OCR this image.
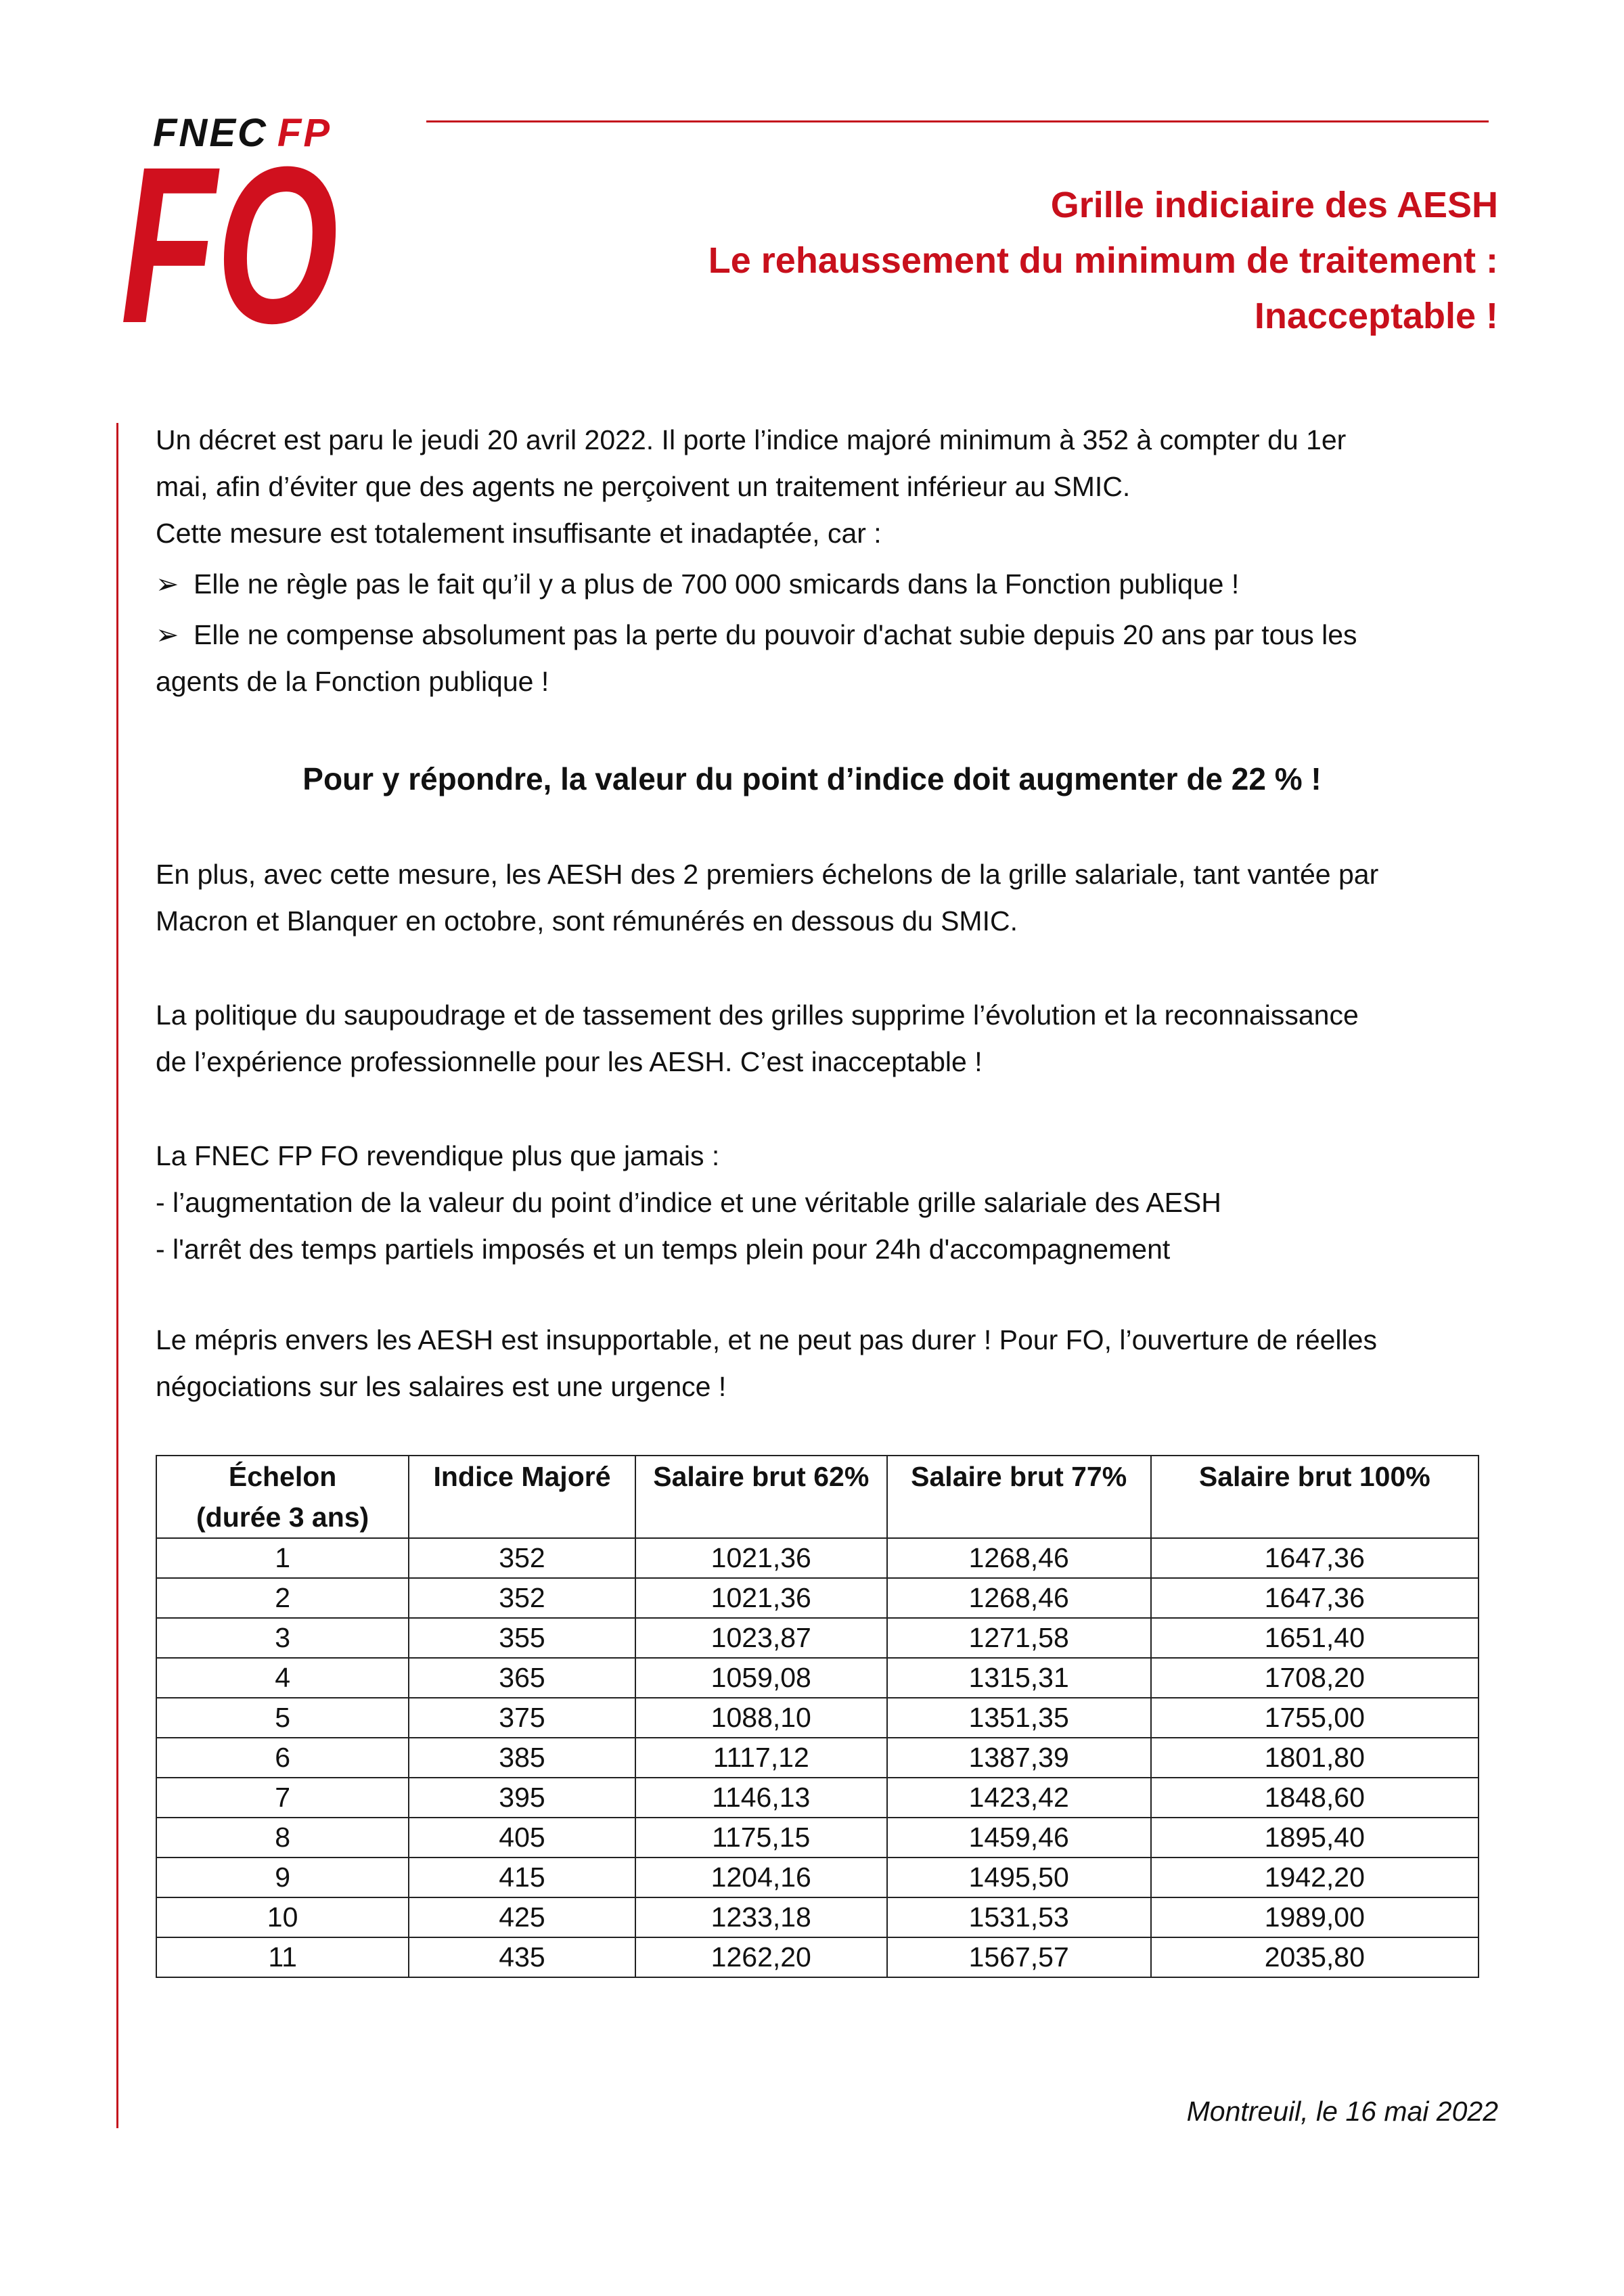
FNEC FP
FO	Grille indiciaire des AESH
Le rehaussement du minimum de traitement :
Inacceptable !
Un décret est paru le jeudi 20 avril 2022. Il porte l’indice majoré minimum à 352 à compter du 1er
mai, afin d’éviter que des agents ne perçoivent un traitement inférieur au SMIC.
Cette mesure est totalement insuffisante et inadaptée, car :
➢ Elle ne règle pas le fait qu’il y a plus de 700 000 smicards dans la Fonction publique !
➢ Elle ne compense absolument pas la perte du pouvoir d'achat subie depuis 20 ans par tous les
agents de la Fonction publique !
Pour y répondre, la valeur du point d’indice doit augmenter de 22 % !
En plus, avec cette mesure, les AESH des 2 premiers échelons de la grille salariale, tant vantée par
Macron et Blanquer en octobre, sont rémunérés en dessous du SMIC.
La politique du saupoudrage et de tassement des grilles supprime l’évolution et la reconnaissance
de l’expérience professionnelle pour les AESH. C’est inacceptable !
La FNEC FP FO revendique plus que jamais :
- l’augmentation de la valeur du point d’indice et une véritable grille salariale des AESH
- l'arrêt des temps partiels imposés et un temps plein pour 24h d'accompagnement
Le mépris envers les AESH est insupportable, et ne peut pas durer ! Pour FO, l’ouverture de réelles
négociations sur les salaires est une urgence !
Échelon
(durée 3 ans)	Indice Majoré	Salaire brut 62%	Salaire brut 77%	Salaire brut 100%
1	352	1021,36	1268,46	1647,36
2	352	1021,36	1268,46	1647,36
3	355	1023,87	1271,58	1651,40
4	365	1059,08	1315,31	1708,20
5	375	1088,10	1351,35	1755,00
6	385	1117,12	1387,39	1801,80
7	395	1146,13	1423,42	1848,60
8	405	1175,15	1459,46	1895,40
9	415	1204,16	1495,50	1942,20
10	425	1233,18	1531,53	1989,00
11	435	1262,20	1567,57	2035,80
Montreuil, le 16 mai 2022
